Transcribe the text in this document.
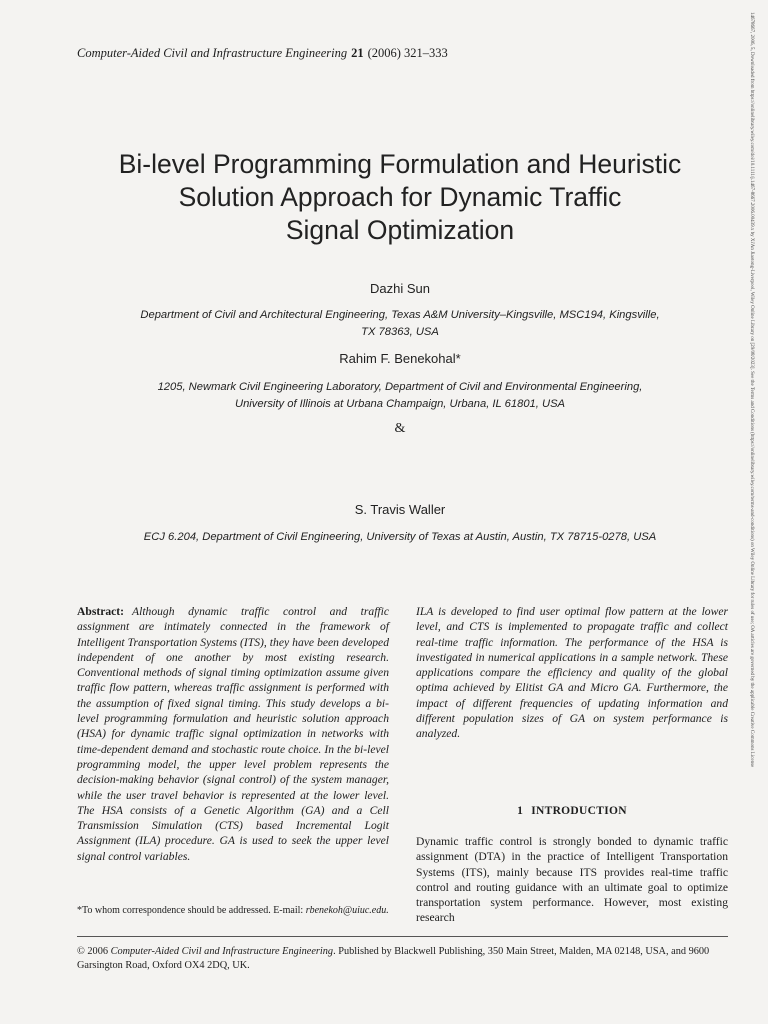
Computer-Aided Civil and Infrastructure Engineering 21 (2006) 321–333	14678667, 2006, 5, Downloaded from https://onlinelibrary.wiley.com/doi/10.1111/j.1467-8667.2006.00439.x by Xi'An Jiaotong-Liverpool, Wiley Online Library on [29/08/2023]. See the Terms and Conditions (https://onlinelibrary.wiley.com/terms-and-conditions) on Wiley Online Library for rules of use; OA articles are governed by the applicable Creative Commons License
Bi-level Programming Formulation and Heuristic
Solution Approach for Dynamic Traffic
Signal Optimization
Dazhi Sun
Department of Civil and Architectural Engineering, Texas A&M University–Kingsville, MSC194, Kingsville,
TX 78363, USA
Rahim F. Benekohal*
1205, Newmark Civil Engineering Laboratory, Department of Civil and Environmental Engineering,
University of Illinois at Urbana Champaign, Urbana, IL 61801, USA
&
S. Travis Waller
ECJ 6.204, Department of Civil Engineering, University of Texas at Austin, Austin, TX 78715-0278, USA
Abstract: Although dynamic traffic control and traffic assignment are intimately connected in the framework of Intelligent Transportation Systems (ITS), they have been developed independent of one another by most existing research. Conventional methods of signal timing optimization assume given traffic flow pattern, whereas traffic assignment is performed with the assumption of fixed signal timing. This study develops a bi-level programming formulation and heuristic solution approach (HSA) for dynamic traffic signal optimization in networks with time-dependent demand and stochastic route choice. In the bi-level programming model, the upper level problem represents the decision-making behavior (signal control) of the system manager, while the user travel behavior is represented at the lower level. The HSA consists of a Genetic Algorithm (GA) and a Cell Transmission Simulation (CTS) based Incremental Logit Assignment (ILA) procedure. GA is used to seek the upper level signal control variables.
ILA is developed to find user optimal flow pattern at the lower level, and CTS is implemented to propagate traffic and collect real-time traffic information. The performance of the HSA is investigated in numerical applications in a sample network. These applications compare the efficiency and quality of the global optima achieved by Elitist GA and Micro GA. Furthermore, the impact of different frequencies of updating information and different population sizes of GA on system performance is analyzed.
1 INTRODUCTION
Dynamic traffic control is strongly bonded to dynamic traffic assignment (DTA) in the practice of Intelligent Transportation Systems (ITS), mainly because ITS provides real-time traffic control and routing guidance with an ultimate goal to optimize transportation system performance. However, most existing research
*To whom correspondence should be addressed. E-mail: rbenekoh@uiuc.edu.
© 2006 Computer-Aided Civil and Infrastructure Engineering. Published by Blackwell Publishing, 350 Main Street, Malden, MA 02148, USA, and 9600 Garsington Road, Oxford OX4 2DQ, UK.
